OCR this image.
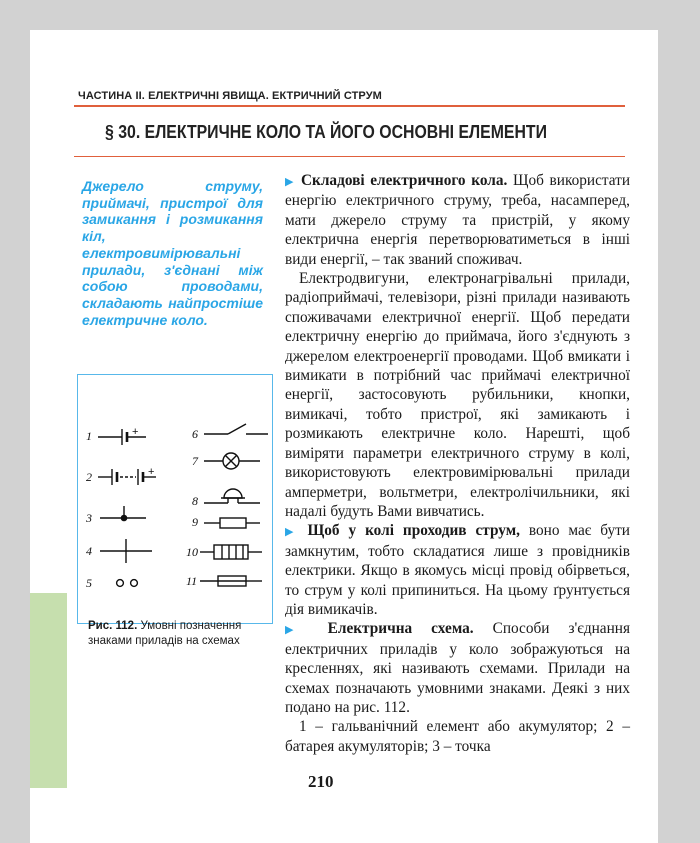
ЧАСТИНА II. ЕЛЕКТРИЧНІ ЯВИЩА. ЕКТРИЧНИЙ СТРУМ
§ 30. ЕЛЕКТРИЧНЕ КОЛО ТА ЙОГО ОСНОВНІ ЕЛЕМЕНТИ
Джерело струму, приймачі, пристрої для замикання і розмикання кіл, електровимірювальні прилади, з'єднані між собою проводами, складають найпростіше електричне коло.
1
2
3
4
5
6
7
8
9
10
11
+
+
Рис. 112. Умовні позначення знаками приладів на схемах

▶ Складові електричного кола. Щоб використати енергію електричного струму, треба, насамперед, мати джерело струму та пристрій, у якому електрична енергія перетворюватиметься в інші види енергії, – так званий споживач.

Електродвигуни, електронагрівальні прилади, радіоприймачі, телевізори, різні прилади називають споживачами електричної енергії. Щоб передати електричну енергію до приймача, його з'єднують з джерелом електроенергії проводами. Щоб вмикати і вимикати в потрібний час приймачі електричної енергії, застосовують рубильники, кнопки, вимикачі, тобто пристрої, які замикають і розмикають електричне коло. Нарешті, щоб виміряти параметри електричного струму в колі, використовують електровимірювальні прилади амперметри, вольтметри, електролічильники, які надалі будуть Вами вивчатись.

▶ Щоб у колі проходив струм, воно має бути замкнутим, тобто складатися лише з провідників електрики. Якщо в якомусь місці провід обірветься, то струм у колі припиниться. На цьому ґрунтується дія вимикачів.

▶ Електрична схема. Способи з'єднання електричних приладів у коло зображуються на кресленнях, які називають схемами. Прилади на схемах позначають умовними знаками. Деякі з них подано на рис. 112.

1 – гальванічний елемент або акумулятор; 2 – батарея акумуляторів; 3 – точка

210
